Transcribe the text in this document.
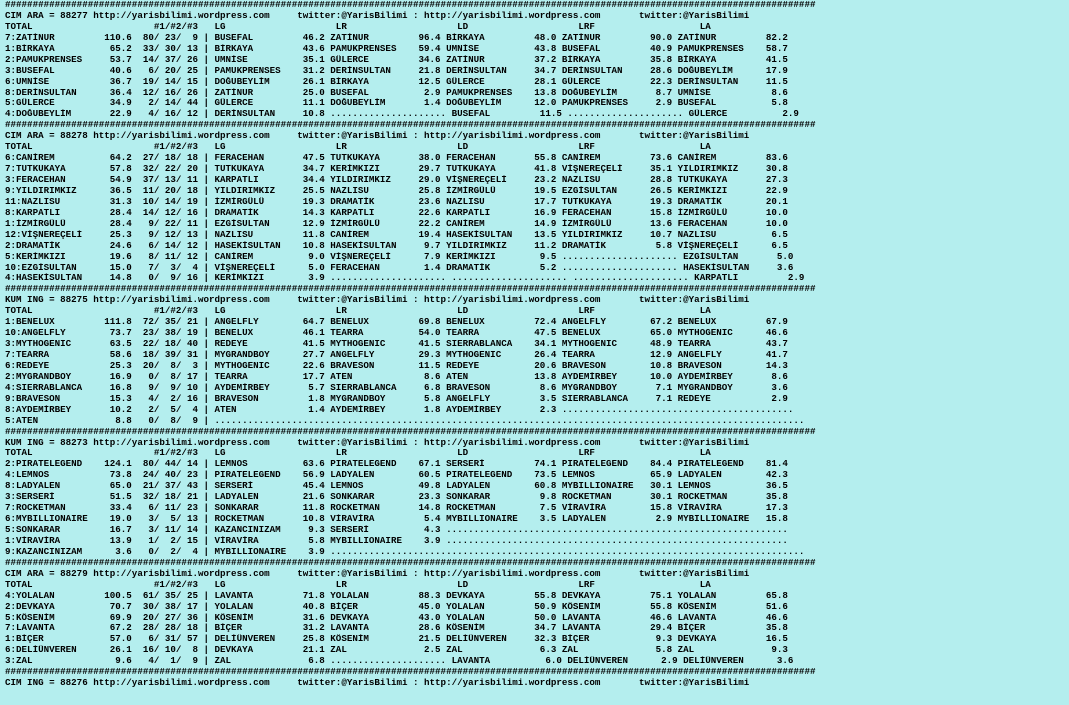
###################################################################################################################################################
CIM ARA = 88277 http://yarisbilimi.wordpress.com     twitter:@YarisBilimi : http://yarisbilimi.wordpress.com       twitter:@YarisBilimi
TOTAL                      #1/#2/#3   LG                    LR                    LD                    LRF                   LA
7:ZATİNUR         110.6  80/ 23/  9 | BUSEFAL         46.2 ZATİNUR         96.4 BİRKAYA         48.0 ZATİNUR         90.0 ZATİNUR         82.2
1:BİRKAYA          65.2  33/ 30/ 13 | BİRKAYA         43.6 PAMUKPRENSES    59.4 UMNİSE          43.8 BUSEFAL         40.9 PAMUKPRENSES    58.7
2:PAMUKPRENSES     53.7  14/ 37/ 26 | UMNİSE          35.1 GÜLERCE         34.6 ZATİNUR         37.2 BİRKAYA         35.8 BİRKAYA         41.5
3:BUSEFAL          40.6   6/ 20/ 25 | PAMUKPRENSES    31.2 DERİNSULTAN     21.8 DERİNSULTAN     34.7 DERİNSULTAN     28.6 DOĞUBEYLİM      17.9
6:UMNİSE           36.7  19/ 14/ 15 | DOĞUBEYLİM      26.1 BİRKAYA         12.5 GÜLERCE         28.1 GÜLERCE         22.3 DERİNSULTAN     11.5
8:DERİNSULTAN      36.4  12/ 16/ 26 | ZATİNUR         25.0 BUSEFAL          2.9 PAMUKPRENSES    13.8 DOĞUBEYLİM       8.7 UMNİSE           8.6
5:GÜLERCE          34.9   2/ 14/ 44 | GÜLERCE         11.1 DOĞUBEYLİM       1.4 DOĞUBEYLİM      12.0 PAMUKPRENSES     2.9 BUSEFAL          5.8
4:DOĞUBEYLİM       22.9   4/ 16/ 12 | DERİNSULTAN     10.8 ..................... BUSEFAL         11.5 ..................... GÜLERCE          2.9
###################################################################################################################################################
CIM ARA = 88278 http://yarisbilimi.wordpress.com     twitter:@YarisBilimi : http://yarisbilimi.wordpress.com       twitter:@YarisBilimi
TOTAL                      #1/#2/#3   LG                    LR                    LD                    LRF                   LA
6:CANİREM          64.2  27/ 18/ 18 | FERACEHAN       47.5 TUTKUKAYA       38.0 FERACEHAN       55.8 CANİREM         73.6 CANİREM         83.6
7:TUTKUKAYA        57.8  32/ 22/ 20 | TUTKUKAYA       34.7 KERİMKIZI       29.7 TUTKUKAYA       41.8 VİŞNEREÇELİ     35.1 YILDIRIMKIZ     30.8
3:FERACEHAN        54.9  37/ 13/ 11 | KARPATLI        34.4 YILDIRIMKIZ     29.0 VİŞNEREÇELİ     23.2 NAZLISU         28.8 TUTKUKAYA       27.3
9:YILDIRIMKIZ      36.5  11/ 20/ 18 | YILDIRIMKIZ     25.5 NAZLISU         25.8 İZMİRGÜLÜ       19.5 EZGİSULTAN      26.5 KERİMKIZI       22.9
11:NAZLISU         31.3  10/ 14/ 19 | İZMİRGÜLÜ       19.3 DRAMATİK        23.6 NAZLISU         17.7 TUTKUKAYA       19.3 DRAMATİK        20.1
8:KARPATLI         28.4  14/ 12/ 16 | DRAMATİK        14.3 KARPATLI        22.6 KARPATLI        16.9 FERACEHAN       15.8 İZMİRGÜLÜ       10.0
1:İZMİRGÜLÜ        28.4   9/ 22/ 11 | EZGİSULTAN      12.9 İZMİRGÜLÜ       22.2 CANİREM         14.9 İZMİRGÜLÜ       13.6 FERACEHAN       10.0
12:VİŞNEREÇELİ     25.3   9/ 12/ 13 | NAZLISU         11.8 CANİREM         19.4 HASEKİSULTAN    13.5 YILDIRIMKIZ     10.7 NAZLISU          6.5
2:DRAMATİK         24.6   6/ 14/ 12 | HASEKİSULTAN    10.8 HASEKİSULTAN     9.7 YILDIRIMKIZ     11.2 DRAMATİK         5.8 VİŞNEREÇELİ      6.5
5:KERİMKIZI        19.6   8/ 11/ 12 | CANİREM          9.0 VİŞNEREÇELİ      7.9 KERİMKIZI        9.5 ..................... EZGİSULTAN       5.0
10:EZGİSULTAN      15.0   7/  3/  4 | VİŞNEREÇELİ      5.0 FERACEHAN        1.4 DRAMATİK         5.2 ..................... HASEKİSULTAN     3.6
4:HASEKİSULTAN     14.8   0/  9/ 16 | KERİMKIZI        3.9 ..................... ..................... ..................... KARPATLI         2.9
###################################################################################################################################################
KUM ING = 88275 http://yarisbilimi.wordpress.com     twitter:@YarisBilimi : http://yarisbilimi.wordpress.com       twitter:@YarisBilimi
TOTAL                      #1/#2/#3   LG                    LR                    LD                    LRF                   LA
1:BENELUX         111.8  72/ 35/ 21 | ANGELFLY        64.7 BENELUX         69.8 BENELUX         72.4 ANGELFLY        67.2 BENELUX         67.9
10:ANGELFLY        73.7  23/ 38/ 19 | BENELUX         46.1 TEARRA          54.0 TEARRA          47.5 BENELUX         65.0 MYTHOGENIC      46.6
3:MYTHOGENIC       63.5  22/ 18/ 40 | REDEYE          41.5 MYTHOGENIC      41.5 SIERRABLANCA    34.1 MYTHOGENIC      48.9 TEARRA          43.7
7:TEARRA           58.6  18/ 39/ 31 | MYGRANDBOY      27.7 ANGELFLY        29.3 MYTHOGENIC      26.4 TEARRA          12.9 ANGELFLY        41.7
6:REDEYE           25.3  20/  8/  3 | MYTHOGENIC      22.6 BRAVESON        11.5 REDEYE          20.6 BRAVESON        10.8 BRAVESON        14.3
2:MYGRANDBOY       16.9   0/  8/ 17 | TEARRA          17.7 ATEN             8.6 ATEN            13.8 AYDEMİRBEY      10.0 AYDEMİRBEY       8.6
4:SIERRABLANCA     16.8   9/  9/ 10 | AYDEMİRBEY       5.7 SIERRABLANCA     6.8 BRAVESON         8.6 MYGRANDBOY       7.1 MYGRANDBOY       3.6
9:BRAVESON         15.3   4/  2/ 16 | BRAVESON         1.8 MYGRANDBOY       5.8 ANGELFLY         3.5 SIERRABLANCA     7.1 REDEYE           2.9
8:AYDEMİRBEY       10.2   2/  5/  4 | ATEN             1.4 AYDEMİRBEY       1.8 AYDEMİRBEY       2.3 ..........................................
5:ATEN              8.8   0/  8/  9 | ...........................................................................................................
###################################################################################################################################################
KUM ING = 88273 http://yarisbilimi.wordpress.com     twitter:@YarisBilimi : http://yarisbilimi.wordpress.com       twitter:@YarisBilimi
TOTAL                      #1/#2/#3   LG                    LR                    LD                    LRF                   LA
2:PIRATELEGEND    124.1  80/ 44/ 14 | LEMNOS          63.6 PIRATELEGEND    67.1 SERSERİ         74.1 PIRATELEGEND    84.4 PIRATELEGEND    81.4
4:LEMNOS           73.8  24/ 40/ 23 | PIRATELEGEND    56.9 LADYALEN        60.5 PIRATELEGEND    73.5 LEMNOS          65.9 LADYALEN        42.3
8:LADYALEN         65.0  21/ 37/ 43 | SERSERİ         45.4 LEMNOS          49.8 LADYALEN        60.8 MYBILLIONAIRE   30.1 LEMNOS          36.5
3:SERSERİ          51.5  32/ 18/ 21 | LADYALEN        21.6 SONKARAR        23.3 SONKARAR         9.8 ROCKETMAN       30.1 ROCKETMAN       35.8
7:ROCKETMAN        33.4   6/ 11/ 23 | SONKARAR        11.8 ROCKETMAN       14.8 ROCKETMAN        7.5 VİRAVİRA        15.8 VİRAVİRA        17.3
6:MYBILLIONAIRE    19.0   3/  5/ 13 | ROCKETMAN       10.8 VİRAVİRA         5.4 MYBILLIONAIRE    3.5 LADYALEN         2.9 MYBILLIONAIRE   15.8
5:SONKARAR         16.7   3/ 11/ 14 | KAZANCINIZAM     9.3 SERSERİ          4.3 ..............................................................
1:VİRAVİRA         13.9   1/  2/ 15 | VİRAVİRA         5.8 MYBILLIONAIRE    3.9 ..............................................................
9:KAZANCINIZAM      3.6   0/  2/  4 | MYBILLIONAIRE    3.9 ......................................................................................
###################################################################################################################################################
CIM ARA = 88279 http://yarisbilimi.wordpress.com     twitter:@YarisBilimi : http://yarisbilimi.wordpress.com       twitter:@YarisBilimi
TOTAL                      #1/#2/#3   LG                    LR                    LD                    LRF                   LA
4:YOLALAN         100.5  61/ 35/ 25 | LAVANTA         71.8 YOLALAN         88.3 DEVKAYA         55.8 DEVKAYA         75.1 YOLALAN         65.8
2:DEVKAYA          70.7  30/ 38/ 17 | YOLALAN         40.8 BİÇER           45.0 YOLALAN         50.9 KÖSENİM         55.8 KÖSENİM         51.6
5:KÖSENİM          69.9  20/ 27/ 36 | KÖSENİM         31.6 DEVKAYA         43.0 YOLALAN         50.0 LAVANTA         46.6 LAVANTA         46.6
7:LAVANTA          67.2  28/ 28/ 18 | BİÇER           31.2 LAVANTA         28.6 KÖSENİM         34.7 LAVANTA         29.4 BİÇER           35.8
1:BİÇER            57.0   6/ 31/ 57 | DELİÜNVEREN     25.8 KÖSENİM         21.5 DELİÜNVEREN     32.3 BİÇER            9.3 DEVKAYA         16.5
6:DELİÜNVEREN      26.1  16/ 10/  8 | DEVKAYA         21.1 ZAL              2.5 ZAL              6.3 ZAL              5.8 ZAL              9.3
3:ZAL               9.6   4/  1/  9 | ZAL              6.8 ..................... LAVANTA          6.0 DELİÜNVEREN      2.9 DELİÜNVEREN      3.6
###################################################################################################################################################
CIM ING = 88276 http://yarisbilimi.wordpress.com     twitter:@YarisBilimi : http://yarisbilimi.wordpress.com       twitter:@YarisBilimi
